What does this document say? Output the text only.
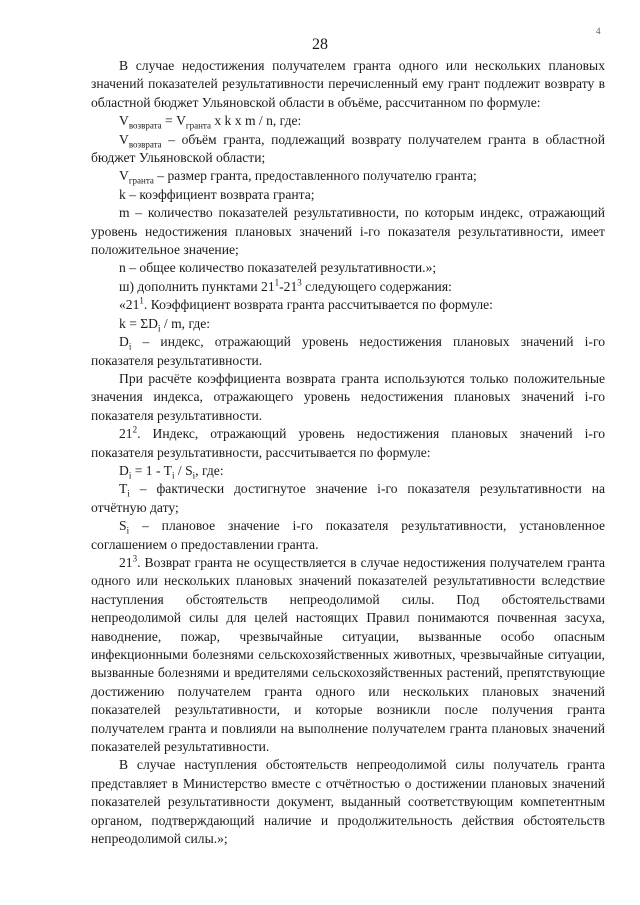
4
28

В случае недостижения получателем гранта одного или нескольких плановых значений показателей результативности перечисленный ему грант подлежит возврату в областной бюджет Ульяновской области в объёме, рассчитанном по формуле:

$V_{возврата} = V_{гранта}$ x k x m / n, где:

$V_{возврата}$ – объём гранта, подлежащий возврату получателем гранта в областной бюджет Ульяновской области;

$V_{гранта}$ – размер гранта, предоставленного получателю гранта;

k – коэффициент возврата гранта;

m – количество показателей результативности, по которым индекс, отражающий уровень недостижения плановых значений i-го показателя результативности, имеет положительное значение;

n – общее количество показателей результативности.»;

ш) дополнить пунктами $21^1-21^3$ следующего содержания:

«$21^1$. Коэффициент возврата гранта рассчитывается по формуле:

$k = \Sigma D_i / m$, где:

$D_i$ – индекс, отражающий уровень недостижения плановых значений i-го показателя результативности.

При расчёте коэффициента возврата гранта используются только положительные значения индекса, отражающего уровень недостижения плановых значений i-го показателя результативности.

$21^2$. Индекс, отражающий уровень недостижения плановых значений i-го показателя результативности, рассчитывается по формуле:

$D_i = 1 - T_i / S_i$, где:

$T_i$ – фактически достигнутое значение i-го показателя результативности на отчётную дату;

$S_i$ – плановое значение i-го показателя результативности, установленное соглашением о предоставлении гранта.

$21^3$. Возврат гранта не осуществляется в случае недостижения получателем гранта одного или нескольких плановых значений показателей результативности вследствие наступления обстоятельств непреодолимой силы. Под обстоятельствами непреодолимой силы для целей настоящих Правил понимаются почвенная засуха, наводнение, пожар, чрезвычайные ситуации, вызванные особо опасным инфекционными болезнями сельскохозяйственных животных, чрезвычайные ситуации, вызванные болезнями и вредителями сельскохозяйственных растений, препятствующие достижению получателем гранта одного или нескольких плановых значений показателей результативности, и которые возникли после получения гранта получателем гранта и повлияли на выполнение получателем гранта плановых значений показателей результативности.

В случае наступления обстоятельств непреодолимой силы получатель гранта представляет в Министерство вместе с отчётностью о достижении плановых значений показателей результативности документ, выданный соответствующим компетентным органом, подтверждающий наличие и продолжительность действия обстоятельств непреодолимой силы.»;
